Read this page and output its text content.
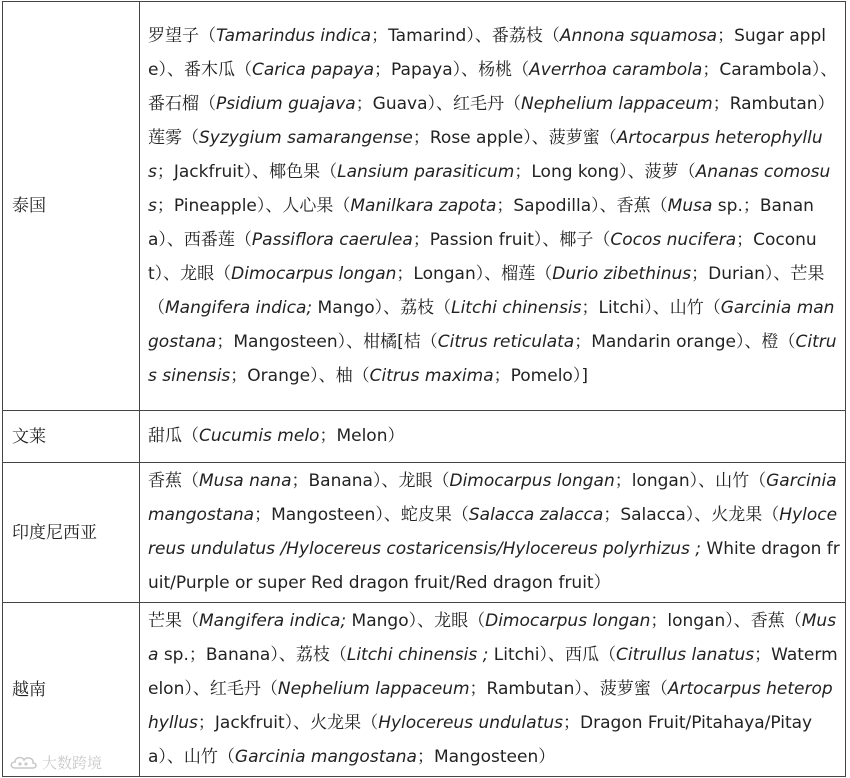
泰国	罗望子（Tamarindus indica；Tamarind）、番荔枝（Annona squamosa；Sugar apple）、番木瓜（Carica papaya；Papaya）、杨桃（Averrhoa carambola；Carambola）、番石榴（Psidium guajava；Guava）、红毛丹（Nephelium lappaceum；Rambutan）莲雾（Syzygium samarangense；Rose apple）、菠萝蜜（Artocarpus heterophyllus；Jackfruit）、椰色果（Lansium parasiticum；Long kong）、菠萝（Ananas comosus；Pineapple）、人心果（Manilkara zapota；Sapodilla）、香蕉（Musa sp.；Banana）、西番莲（Passiflora caerulea；Passion fruit）、椰子（Cocos nucifera；Coconut）、龙眼（Dimocarpus longan；Longan）、榴莲（Durio zibethinus；Durian）、芒果（Mangifera indica; Mango）、荔枝（Litchi chinensis；Litchi）、山竹（Garcinia mangostana；Mangosteen）、柑橘[桔（Citrus reticulata；Mandarin orange）、橙（Citrus sinensis；Orange）、柚（Citrus maxima；Pomelo）]
文莱	甜瓜（Cucumis melo；Melon）
印度尼西亚	香蕉（Musa nana；Banana）、龙眼（Dimocarpus longan；longan）、山竹（Garcinia mangostana；Mangosteen）、蛇皮果（Salacca zalacca；Salacca）、火龙果（Hylocereus undulatus /Hylocereus costaricensis/Hylocereus polyrhizus ; White dragon fruit/Purple or super Red dragon fruit/Red dragon fruit）
越南	芒果（Mangifera indica; Mango）、龙眼（Dimocarpus longan；longan）、香蕉（Musa sp.；Banana）、荔枝（Litchi chinensis ; Litchi）、西瓜（Citrullus lanatus；Watermelon）、红毛丹（Nephelium lappaceum；Rambutan）、菠萝蜜（Artocarpus heterophyllus；Jackfruit）、火龙果（Hylocereus undulatus；Dragon Fruit/Pitahaya/Pitaya）、山竹（Garcinia mangostana；Mangosteen）
大数跨境
